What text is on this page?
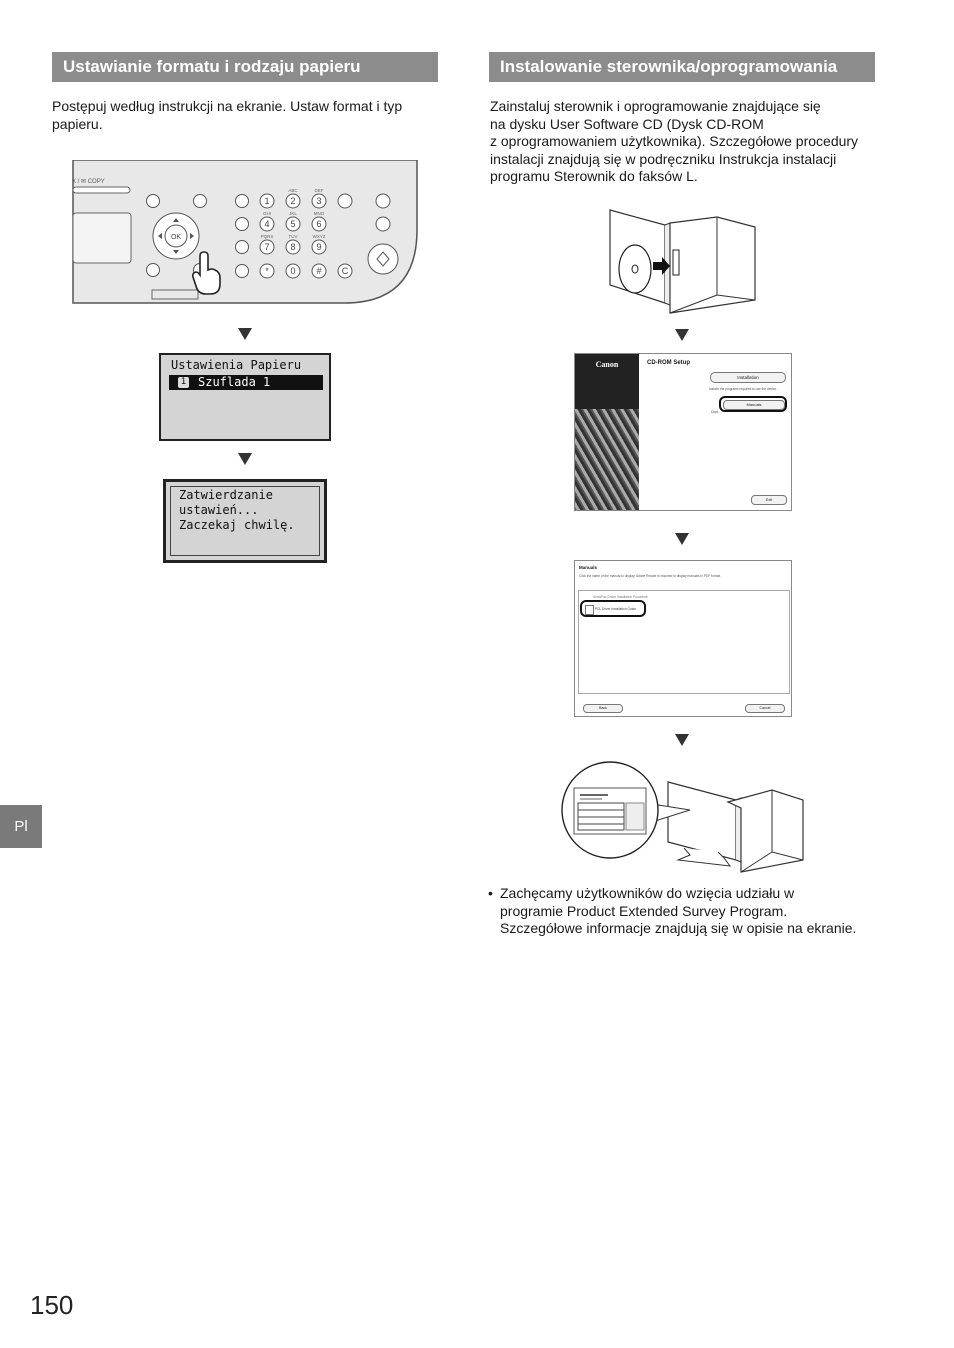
Ustawianie formatu i rodzaju papieru
Postępuj według instrukcji na ekranie. Ustaw format i typ papieru.
X / ✉ COPY
OK
1 2 3
4 5 6
7 8 9
* 0 #
ABC	DEF
GHI	JKL	MNO
PQRS	TUV	WXYZ
C
Ustawienia Papieru
1 Szuflada 1
Zatwierdzanie
ustawień...
Zaczekaj chwilę.
Instalowanie sterownika/oprogramowania
Zainstaluj sterownik i oprogramowanie znajdujące się
na dysku User Software CD (Dysk CD-ROM
z oprogramowaniem użytkownika). Szczegółowe procedury
instalacji znajdują się w podręczniku Instrukcja instalacji
programu Sterownik do faksów L.
Canon	CD-ROM Setup
Installation
Installs the programs required to use the device.
Manuals
Displ...
Exit
Manuals
Click the name of the manual to display. Adobe Reader is required to display manuals in PDF format.
Send/Fax Driver Installation Procedure
PCL Driver Installation Guide
Back	Cancel
• Zachęcamy użytkowników do wzięcia udziału w
programie Product Extended Survey Program.
Szczegółowe informacje znajdują się w opisie na ekranie.
Pl
150
